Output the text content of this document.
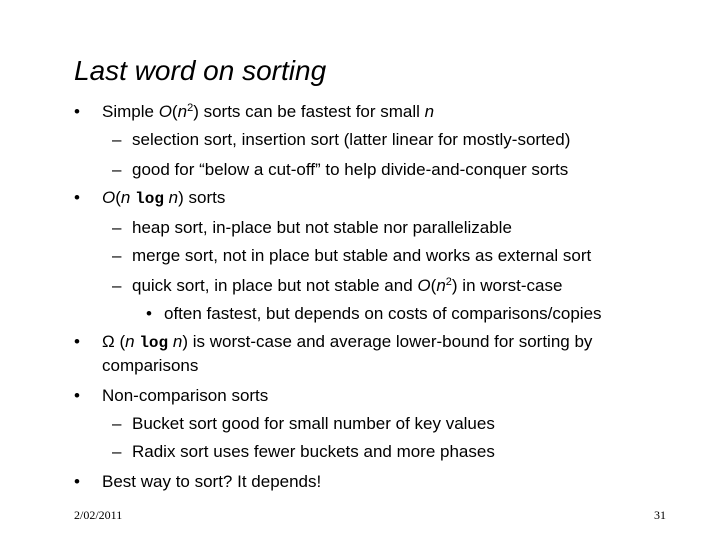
Last word on sorting
• Simple $O(n^2)$ sorts can be fastest for small n
– selection sort, insertion sort (latter linear for mostly-sorted)
– good for “below a cut-off” to help divide-and-conquer sorts
• O(n log n) sorts
– heap sort, in-place but not stable nor parallelizable
– merge sort, not in place but stable and works as external sort
– quick sort, in place but not stable and $O(n^2)$ in worst-case
• often fastest, but depends on costs of comparisons/copies
• Ω (n log n) is worst-case and average lower-bound for sorting by
comparisons
• Non-comparison sorts
– Bucket sort good for small number of key values
– Radix sort uses fewer buckets and more phases
• Best way to sort? It depends!
2/02/2011	31
